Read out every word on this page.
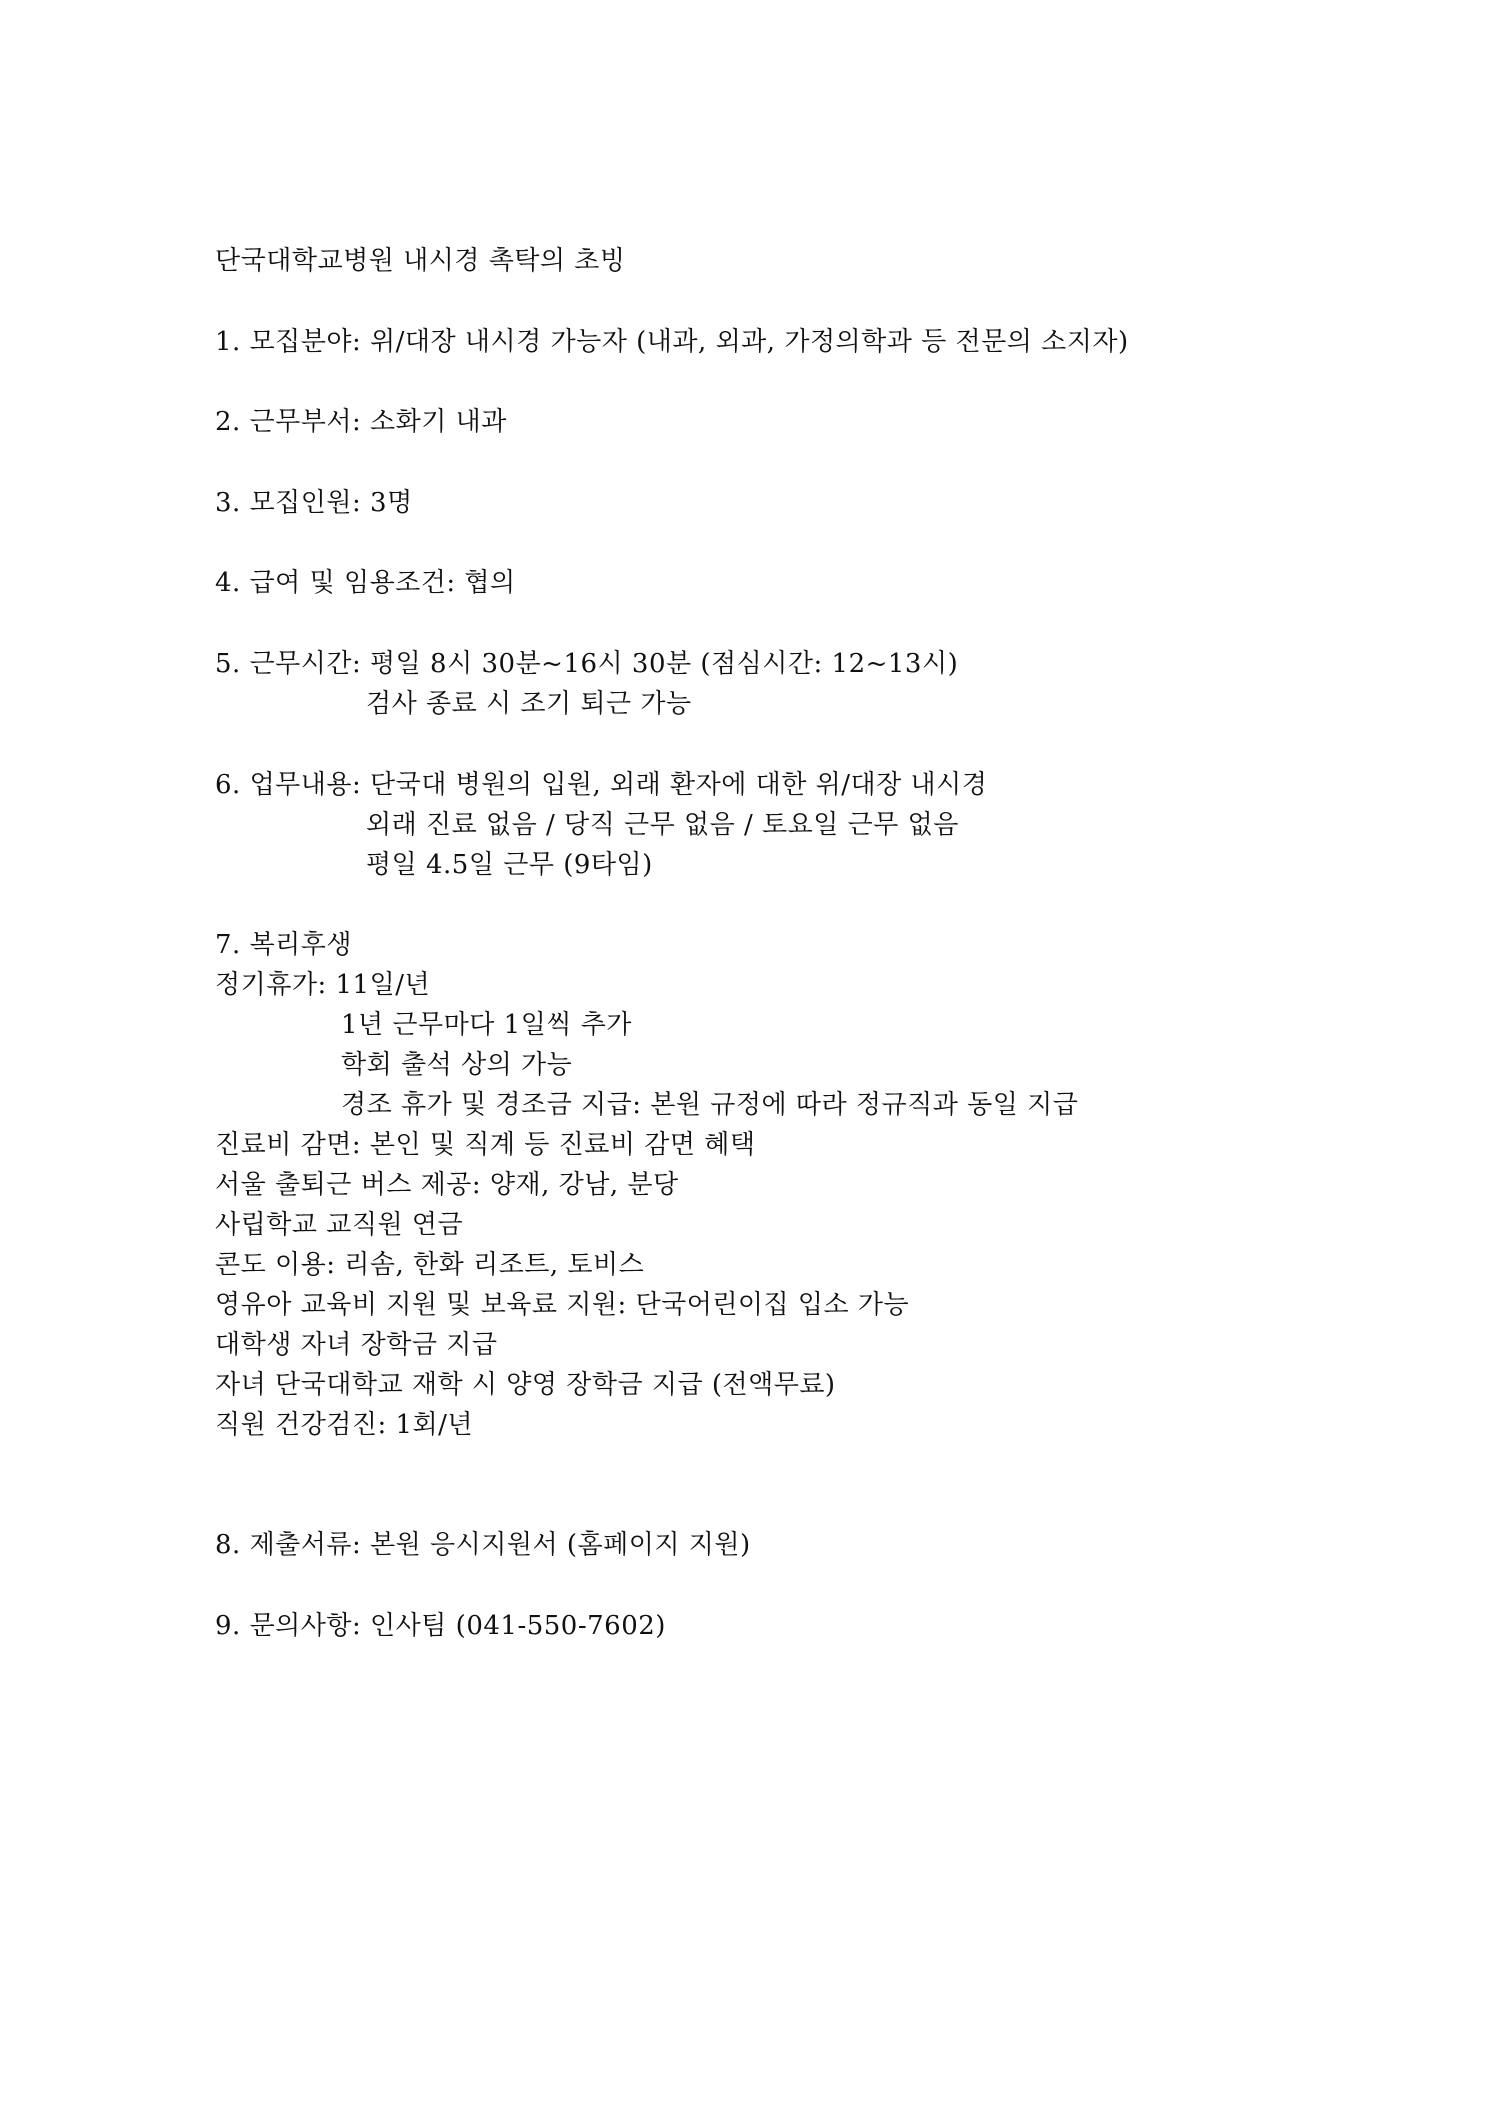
단국대학교병원 내시경 촉탁의 초빙
1. 모집분야: 위/대장 내시경 가능자 (내과, 외과, 가정의학과 등 전문의 소지자)
2. 근무부서: 소화기 내과
3. 모집인원: 3명
4. 급여 및 임용조건: 협의
5. 근무시간: 평일 8시 30분~16시 30분 (점심시간: 12~13시)
검사 종료 시 조기 퇴근 가능
6. 업무내용: 단국대 병원의 입원, 외래 환자에 대한 위/대장 내시경
외래 진료 없음 / 당직 근무 없음 / 토요일 근무 없음
평일 4.5일 근무 (9타임)
7. 복리후생
정기휴가: 11일/년
1년 근무마다 1일씩 추가
학회 출석 상의 가능
경조 휴가 및 경조금 지급: 본원 규정에 따라 정규직과 동일 지급
진료비 감면: 본인 및 직계 등 진료비 감면 혜택
서울 출퇴근 버스 제공: 양재, 강남, 분당
사립학교 교직원 연금
콘도 이용: 리솜, 한화 리조트, 토비스
영유아 교육비 지원 및 보육료 지원: 단국어린이집 입소 가능
대학생 자녀 장학금 지급
자녀 단국대학교 재학 시 양영 장학금 지급 (전액무료)
직원 건강검진: 1회/년
8. 제출서류: 본원 응시지원서 (홈페이지 지원)
9. 문의사항: 인사팀 (041-550-7602)
